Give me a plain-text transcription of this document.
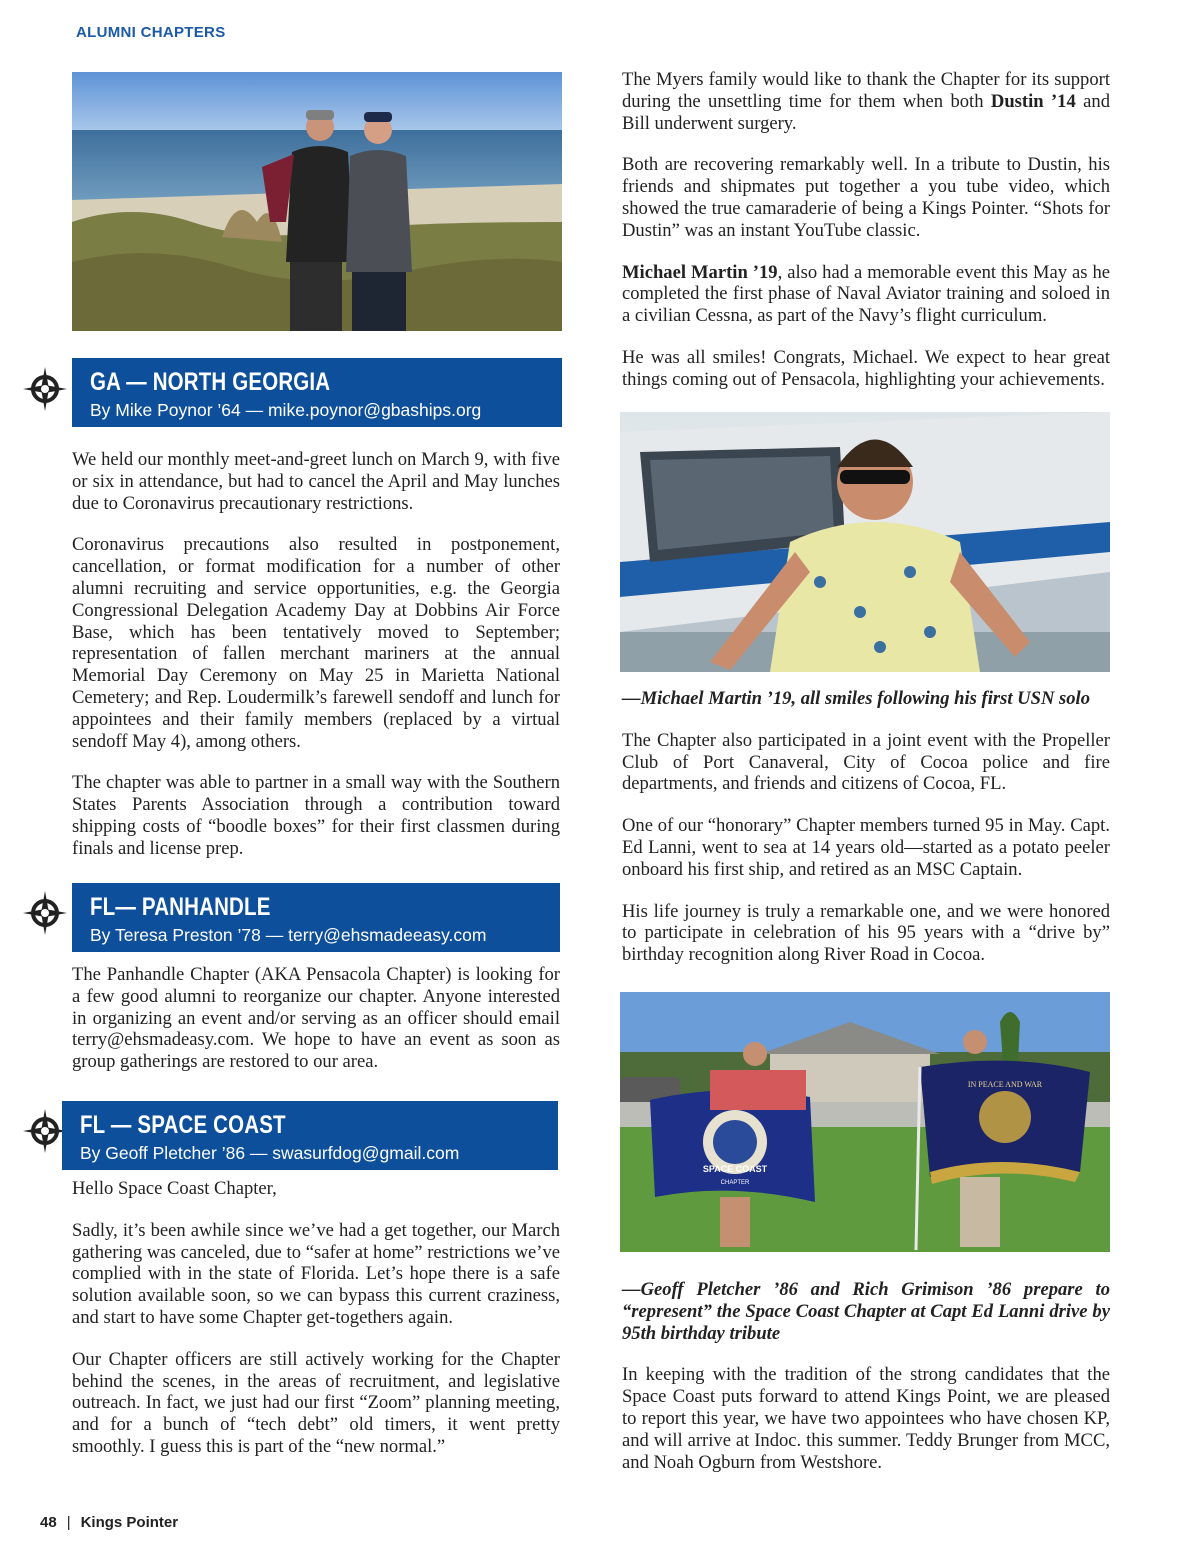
ALUMNI CHAPTERS
GA — NORTH GEORGIA
By Mike Poynor ’64 — mike.poynor@gbaships.org

We held our monthly meet-and-greet lunch on March 9, with five or six in attendance, but had to cancel the April and May lunches due to Coronavirus precautionary restrictions.

Coronavirus precautions also resulted in postponement, cancellation, or format modification for a number of other alumni recruiting and service opportunities, e.g. the Georgia Congressional Delegation Academy Day at Dobbins Air Force Base, which has been tentatively moved to September; representation of fallen merchant mariners at the annual Memorial Day Ceremony on May 25 in Marietta National Cemetery; and Rep. Loudermilk’s farewell sendoff and lunch for appointees and their family members (replaced by a virtual sendoff May 4), among others.

The chapter was able to partner in a small way with the Southern States Parents Association through a contribution toward shipping costs of “boodle boxes” for their first classmen during finals and license prep.

FL— PANHANDLE
By Teresa Preston ’78 — terry@ehsmadeeasy.com

The Panhandle Chapter (AKA Pensacola Chapter) is looking for a few good alumni to reorganize our chapter. Anyone interested in organizing an event and/or serving as an officer should email terry@ehsmadeasy.com. We hope to have an event as soon as group gatherings are restored to our area.

FL — SPACE COAST
By Geoff Pletcher ’86 — swasurfdog@gmail.com

Hello Space Coast Chapter,

Sadly, it’s been awhile since we’ve had a get together, our March gathering was canceled, due to “safer at home” restrictions we’ve complied with in the state of Florida. Let’s hope there is a safe solution available soon, so we can bypass this current craziness, and start to have some Chapter get-togethers again.

Our Chapter officers are still actively working for the Chapter behind the scenes, in the areas of recruitment, and legislative outreach. In fact, we just had our first “Zoom” planning meeting, and for a bunch of “tech debt” old timers, it went pretty smoothly. I guess this is part of the “new normal.”

The Myers family would like to thank the Chapter for its support during the unsettling time for them when both Dustin ’14 and Bill underwent surgery.

Both are recovering remarkably well. In a tribute to Dustin, his friends and shipmates put together a you tube video, which showed the true camaraderie of being a Kings Pointer. “Shots for Dustin” was an instant YouTube classic.

Michael Martin ’19, also had a memorable event this May as he completed the first phase of Naval Aviator training and soloed in a civilian Cessna, as part of the Navy’s flight curriculum.

He was all smiles! Congrats, Michael. We expect to hear great things coming out of Pensacola, highlighting your achievements.

—Michael Martin ’19, all smiles following his first USN solo

The Chapter also participated in a joint event with the Propeller Club of Port Canaveral, City of Cocoa police and fire departments, and friends and citizens of Cocoa, FL.

One of our “honorary” Chapter members turned 95 in May. Capt. Ed Lanni, went to sea at 14 years old—started as a potato peeler onboard his first ship, and retired as an MSC Captain.

His life journey is truly a remarkable one, and we were honored to participate in celebration of his 95 years with a “drive by” birthday recognition along River Road in Cocoa.

SPACE COAST
CHAPTER
IN PEACE AND WAR

—Geoff Pletcher ’86 and Rich Grimison ’86 prepare to “represent” the Space Coast Chapter at Capt Ed Lanni drive by 95th birthday tribute

In keeping with the tradition of the strong candidates that the Space Coast puts forward to attend Kings Point, we are pleased to report this year, we have two appointees who have chosen KP, and will arrive at Indoc. this summer. Teddy Brunger from MCC, and Noah Ogburn from Westshore.

48 | Kings Pointer
